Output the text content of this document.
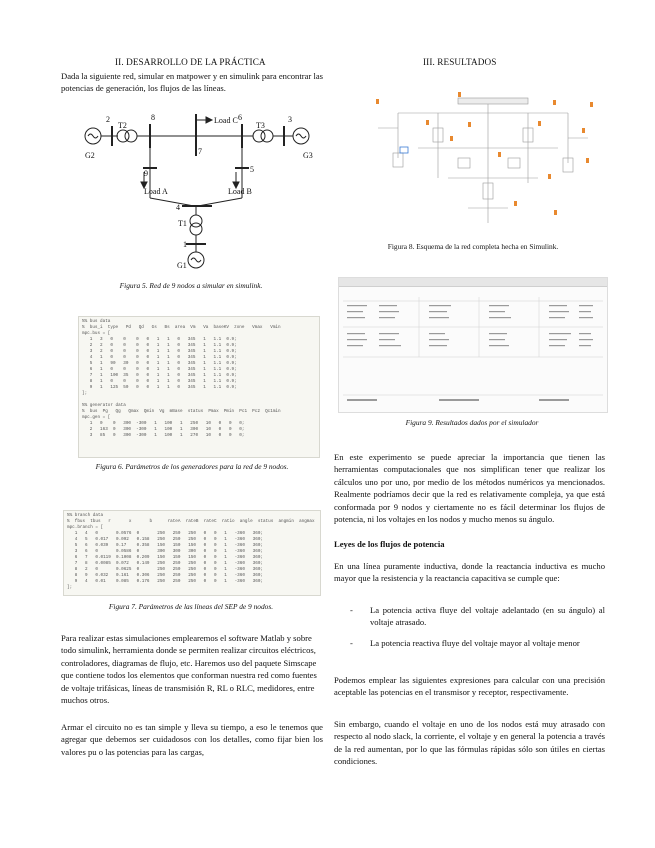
II. DESARROLLO DE LA PRÁCTICA
Dada la siguiente red, simular en matpower y en simulink para encontrar las potencias de generación, los flujos de las líneas.
2
T2
8	Load C
7
6
T3
3
G2	G3
9	5
Load A	Load B
4
T1
1
G1
Figura 5. Red de 9 nodos a simular en simulink.
%% bus data
%  bus_i  type   Pd   Qd   Gs   Bs  area  Vm   Va  baseKV  zone   Vmax   Vmin
mpc.bus = [
1   3   0    0    0   0   1   1   0   345   1   1.1  0.9;
2   2   0    0    0   0   1   1   0   345   1   1.1  0.9;
3   2   0    0    0   0   1   1   0   345   1   1.1  0.9;
4   1   0    0    0   0   1   1   0   345   1   1.1  0.9;
5   1   90   30   0   0   1   1   0   345   1   1.1  0.9;
6   1   0    0    0   0   1   1   0   345   1   1.1  0.9;
7   1   100  35   0   0   1   1   0   345   1   1.1  0.9;
8   1   0    0    0   0   1   1   0   345   1   1.1  0.9;
9   1   125  50   0   0   1   1   0   345   1   1.1  0.9;
];

%% generator data
%  bus  Pg   Qg   Qmax  Qmin  Vg  mBase  status  Pmax  Pmin  Pc1  Pc2  Qc1min
mpc.gen = [
1   0    0   300  -300   1   100   1   250   10   0   0   0;
2   163  0   300  -300   1   100   1   300   10   0   0   0;
3   85   0   300  -300   1   100   1   270   10   0   0   0;
Figura 6. Parámetros de los generadores para la red de 9 nodos.
%% branch data
%  fbus  tbus   r       x       b      rateA  rateB  rateC  ratio  angle  status  angmin  angmax
mpc.branch = [
1   4   0       0.0576  0       250   250   250   0   0   1   -360   360;
4   5   0.017   0.092   0.158   250   250   250   0   0   1   -360   360;
5   6   0.039   0.17    0.358   150   150   150   0   0   1   -360   360;
3   6   0       0.0586  0       300   300   300   0   0   1   -360   360;
6   7   0.0119  0.1008  0.209   150   150   150   0   0   1   -360   360;
7   8   0.0085  0.072   0.149   250   250   250   0   0   1   -360   360;
8   2   0       0.0625  0       250   250   250   0   0   1   -360   360;
8   9   0.032   0.161   0.306   250   250   250   0   0   1   -360   360;
9   4   0.01    0.085   0.176   250   250   250   0   0   1   -360   360;
];
Figura 7. Parámetros de las líneas del SEP de 9 nodos.
Para realizar estas simulaciones emplearemos el software Matlab y sobre todo simulink, herramienta donde se permiten realizar circuitos eléctricos, controladores, diagramas de flujo, etc. Haremos uso del paquete Simscape que contiene todos los elementos que conforman nuestra red como fuentes de voltaje trifásicas, líneas de transmisión R, RL o RLC, medidores, entre muchos otros.
Armar el circuito no es tan simple y lleva su tiempo, a eso le tenemos que agregar que debemos ser cuidadosos con los detalles, como fijar bien los valores pu o las potencias para las cargas,
III. RESULTADOS
Figura 8. Esquema de la red completa hecha en Simulink.
Figura 9. Resultados dados por el simulador
En este experimento se puede apreciar la importancia que tienen las herramientas computacionales que nos simplifican tener que realizar los cálculos uno por uno, por medio de los métodos numéricos ya mencionados. Realmente podríamos decir que la red es relativamente compleja, ya que está conformada por 9 nodos y ciertamente no es fácil determinar los flujos de potencia, ni los voltajes en los nodos y mucho menos su ángulo.
Leyes de los flujos de potencia
En una línea puramente inductiva, donde la reactancia inductiva es mucho mayor que la resistencia y la reactancia capacitiva se cumple que:
- La potencia activa fluye del voltaje adelantado (en su ángulo) al voltaje atrasado.
- La potencia reactiva fluye del voltaje mayor al voltaje menor
Podemos emplear las siguientes expresiones para calcular con una precisión aceptable las potencias en el transmisor y receptor, respectivamente.
Sin embargo, cuando el voltaje en uno de los nodos está muy atrasado con respecto al nodo slack, la corriente, el voltaje y en general la potencia a través de la red aumentan, por lo que las fórmulas rápidas sólo son útiles en ciertas condiciones.
